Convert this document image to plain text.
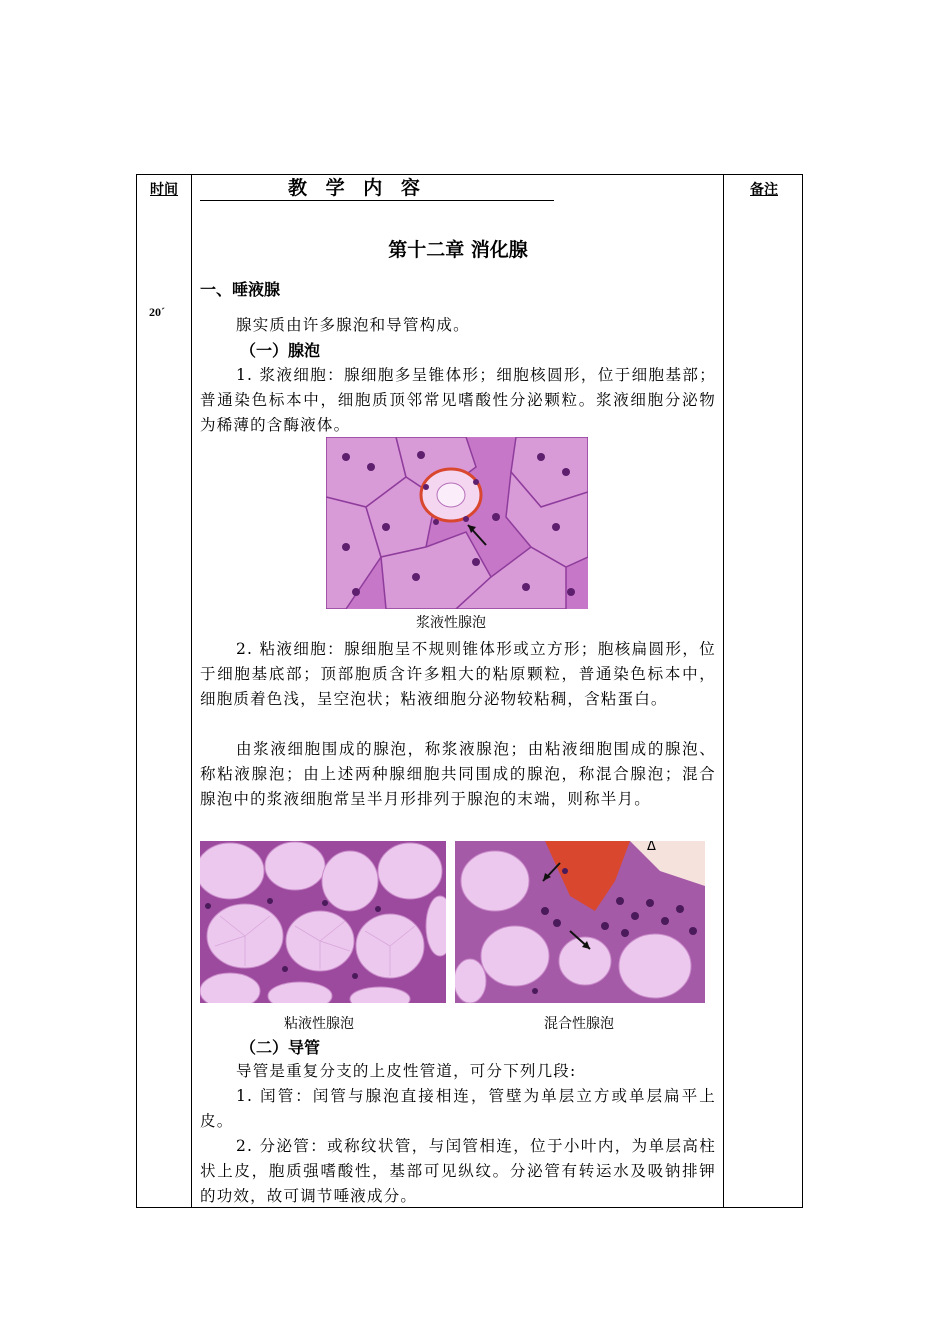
时间
20´
备注
教 学 内 容
第十二章 消化腺
一、唾液腺

腺实质由许多腺泡和导管构成。

（一）腺泡

1. 浆液细胞：腺细胞多呈锥体形；细胞核圆形，位于细胞基部；普通染色标本中，细胞质顶邻常见嗜酸性分泌颗粒。浆液细胞分泌物为稀薄的含酶液体。

浆液性腺泡

2. 粘液细胞：腺细胞呈不规则锥体形或立方形；胞核扁圆形，位于细胞基底部；顶部胞质含许多粗大的粘原颗粒，普通染色标本中，细胞质着色浅，呈空泡状；粘液细胞分泌物较粘稠，含粘蛋白。

由浆液细胞围成的腺泡，称浆液腺泡；由粘液细胞围成的腺泡、称粘液腺泡；由上述两种腺细胞共同围成的腺泡，称混合腺泡；混合腺泡中的浆液细胞常呈半月形排列于腺泡的末端，则称半月。

Δ
粘液性腺泡	混合性腺泡
（二）导管

导管是重复分支的上皮性管道，可分下列几段:

1. 闰管：闰管与腺泡直接相连，管壁为单层立方或单层扁平上皮。

2. 分泌管：或称纹状管，与闰管相连，位于小叶内，为单层高柱状上皮，胞质强嗜酸性，基部可见纵纹。分泌管有转运水及吸钠排钾的功效，故可调节唾液成分。
